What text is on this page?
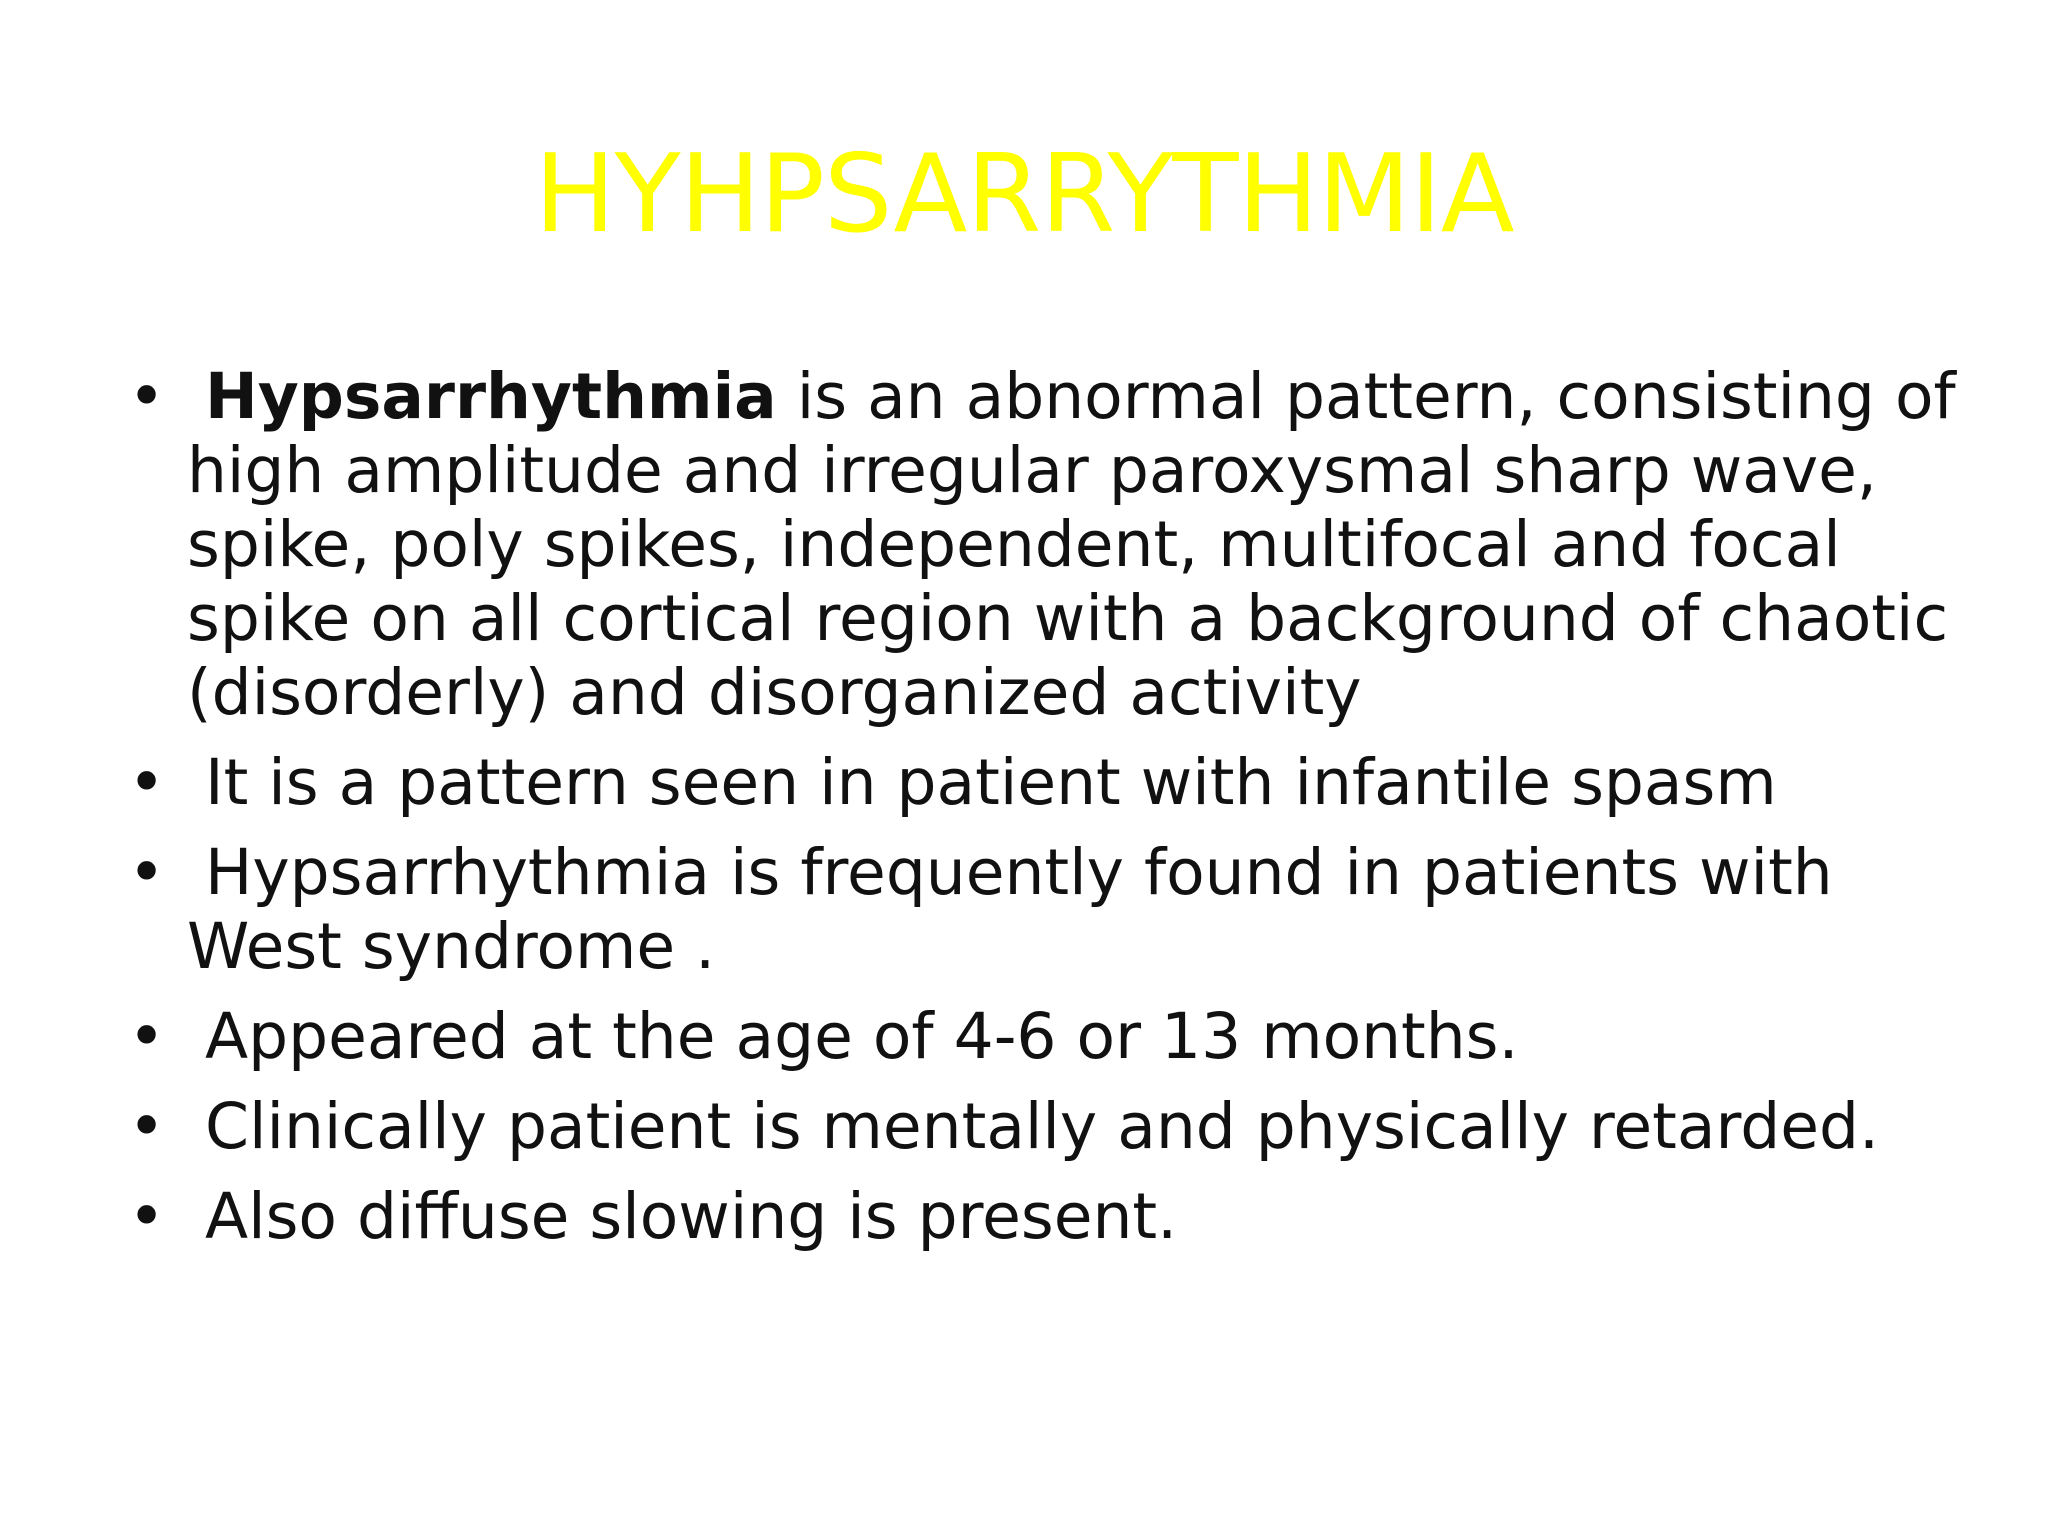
HYHPSARRYTHMIA
• Hypsarrhythmia is an abnormal pattern, consisting of high amplitude and irregular paroxysmal sharp wave, spike, poly spikes, independent, multifocal and focal spike on all cortical region with a background of chaotic (disorderly) and disorganized activity
• It is a pattern seen in patient with infantile spasm
• Hypsarrhythmia is frequently found in patients with West syndrome .
• Appeared at the age of 4-6 or 13 months.
• Clinically patient is mentally and physically retarded.
• Also diffuse slowing is present.
